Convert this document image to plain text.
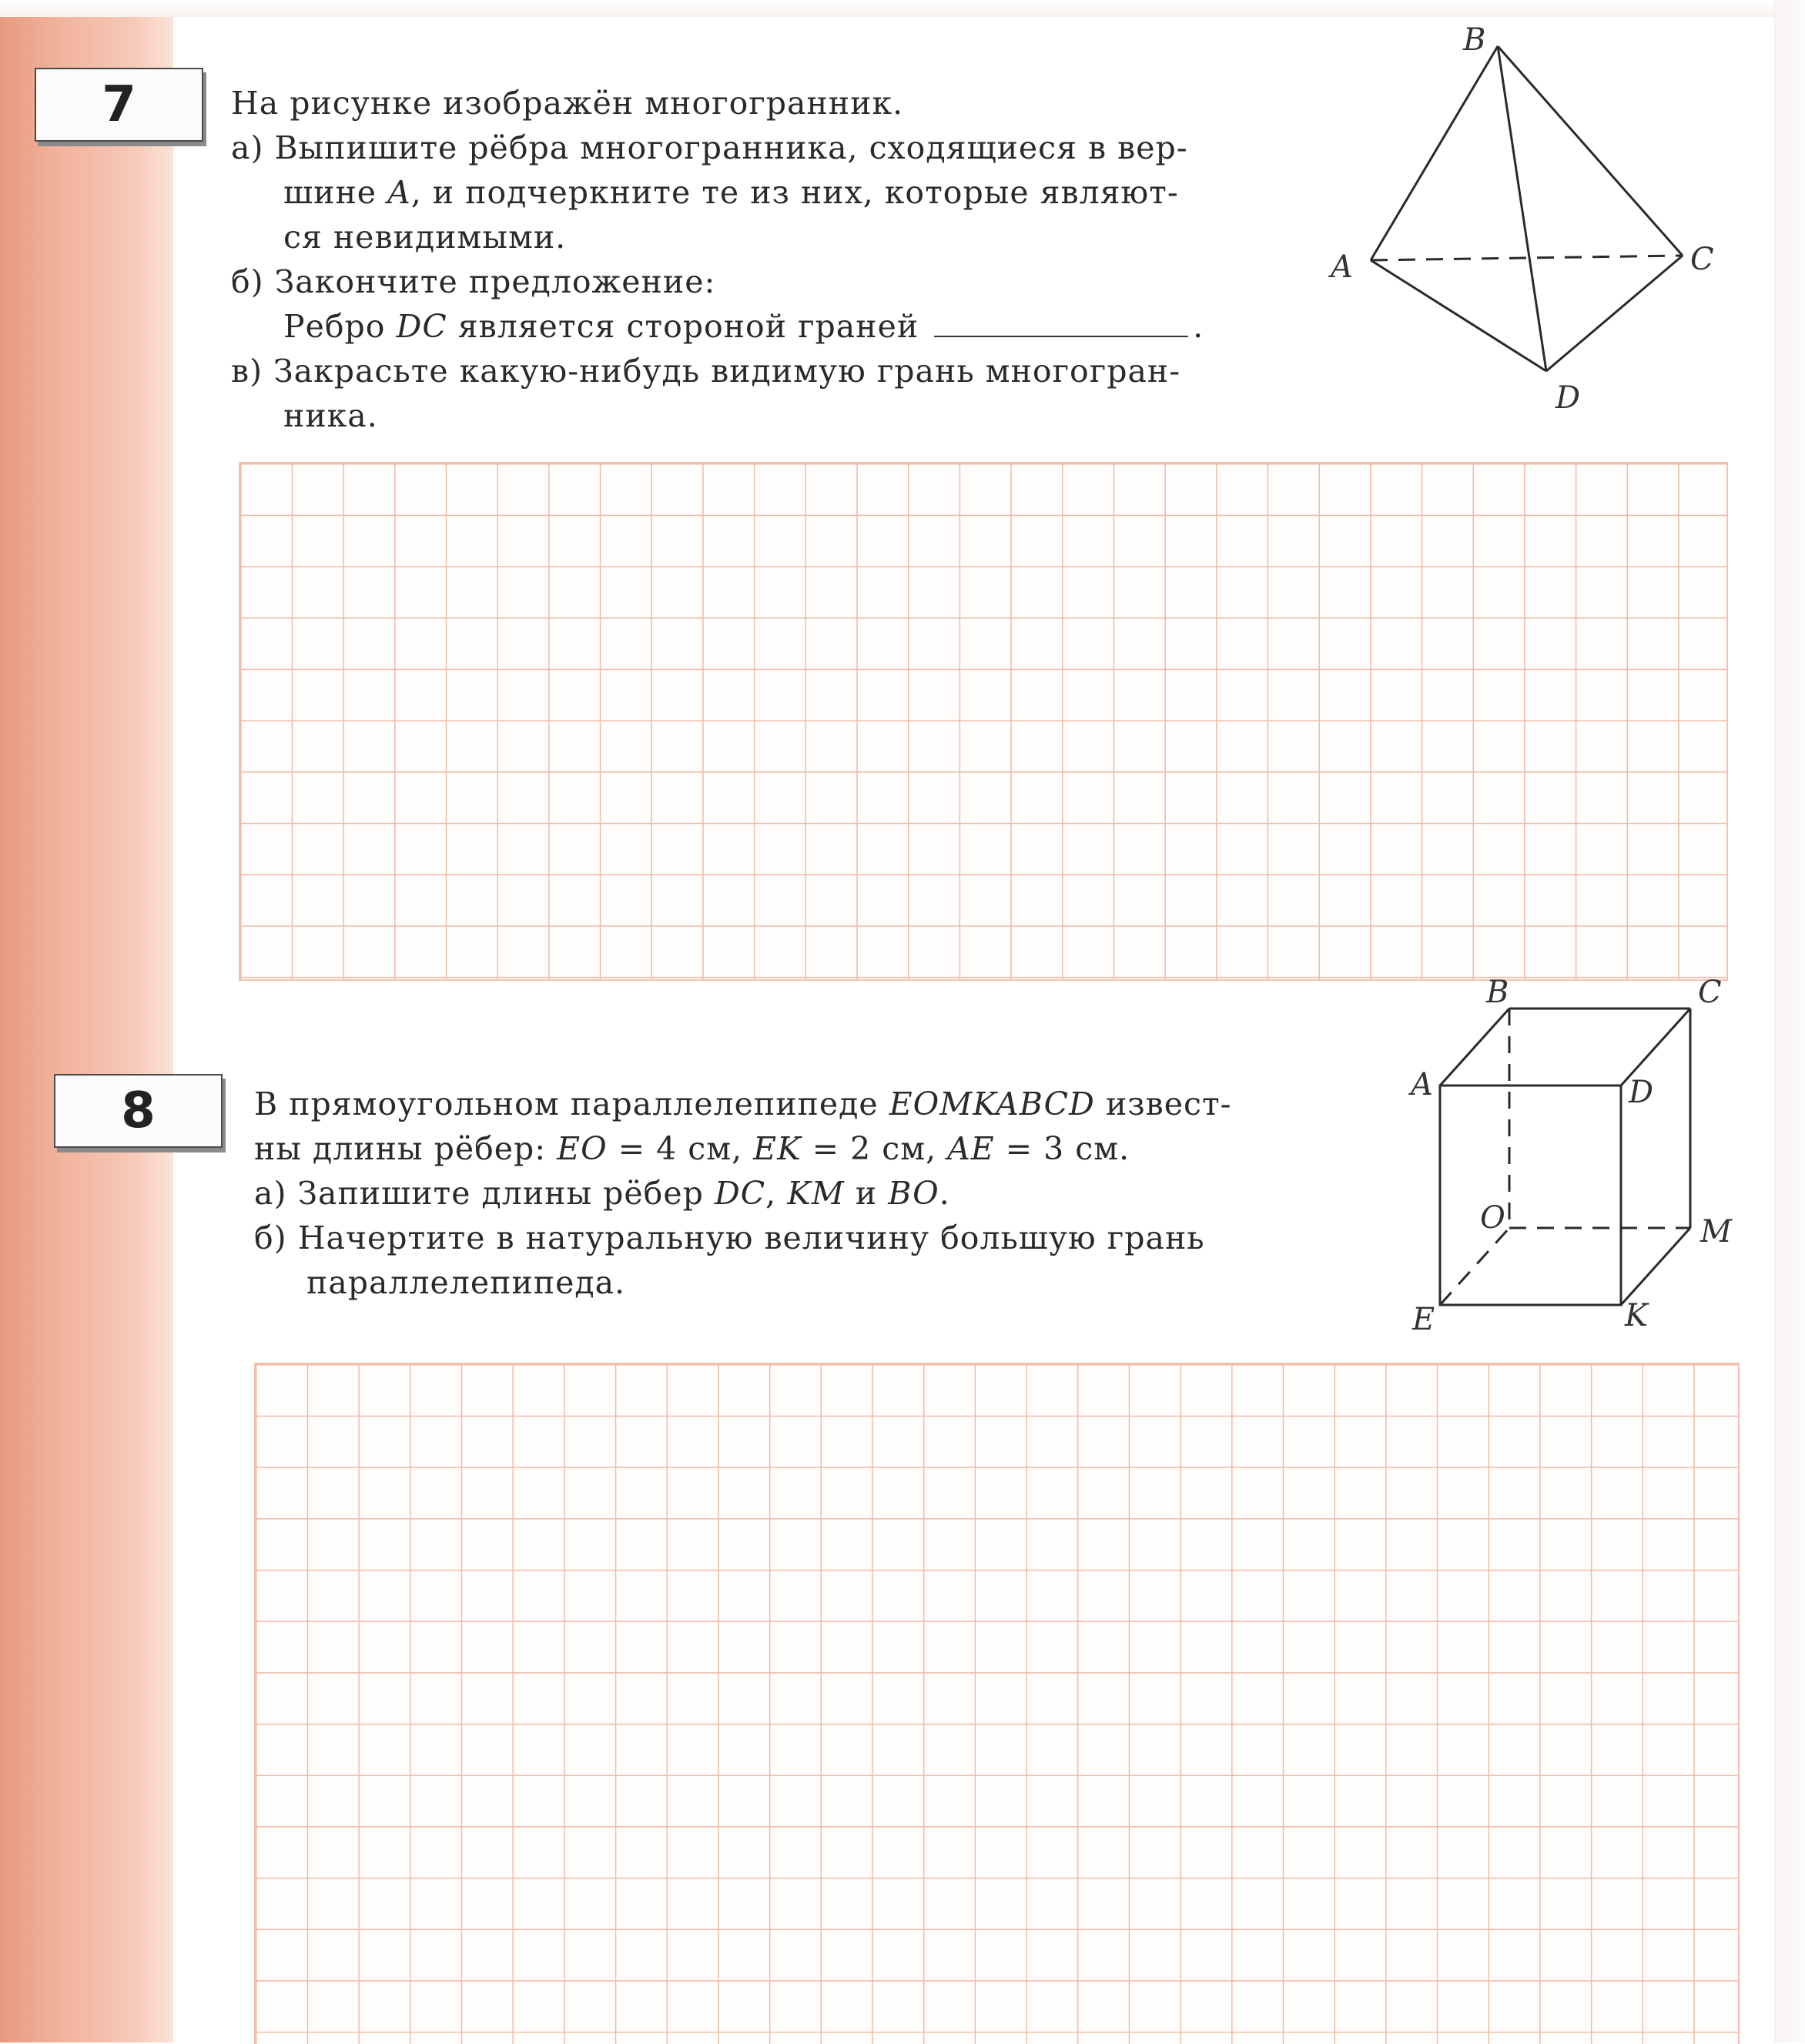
7	На рисунке изображён многогранник.
а) Выпишите рёбра многогранника, сходящиеся в вер-
шине A, и подчеркните те из них, которые являют-
ся невидимыми.
б) Закончите предложение:
Ребро DC является стороной граней	.
в) Закрасьте какую-нибудь видимую грань многогран-
ника.
B
A	C
D
8	В прямоугольном параллелепипеде EOMKABCD извест-
ны длины рёбер: EO = 4 см, EK = 2 см, AE = 3 см.
а) Запишите длины рёбер DC, KM и BO.
б) Начертите в натуральную величину большую грань
параллелепипеда.
B	C
A	D
O	M
E	K
